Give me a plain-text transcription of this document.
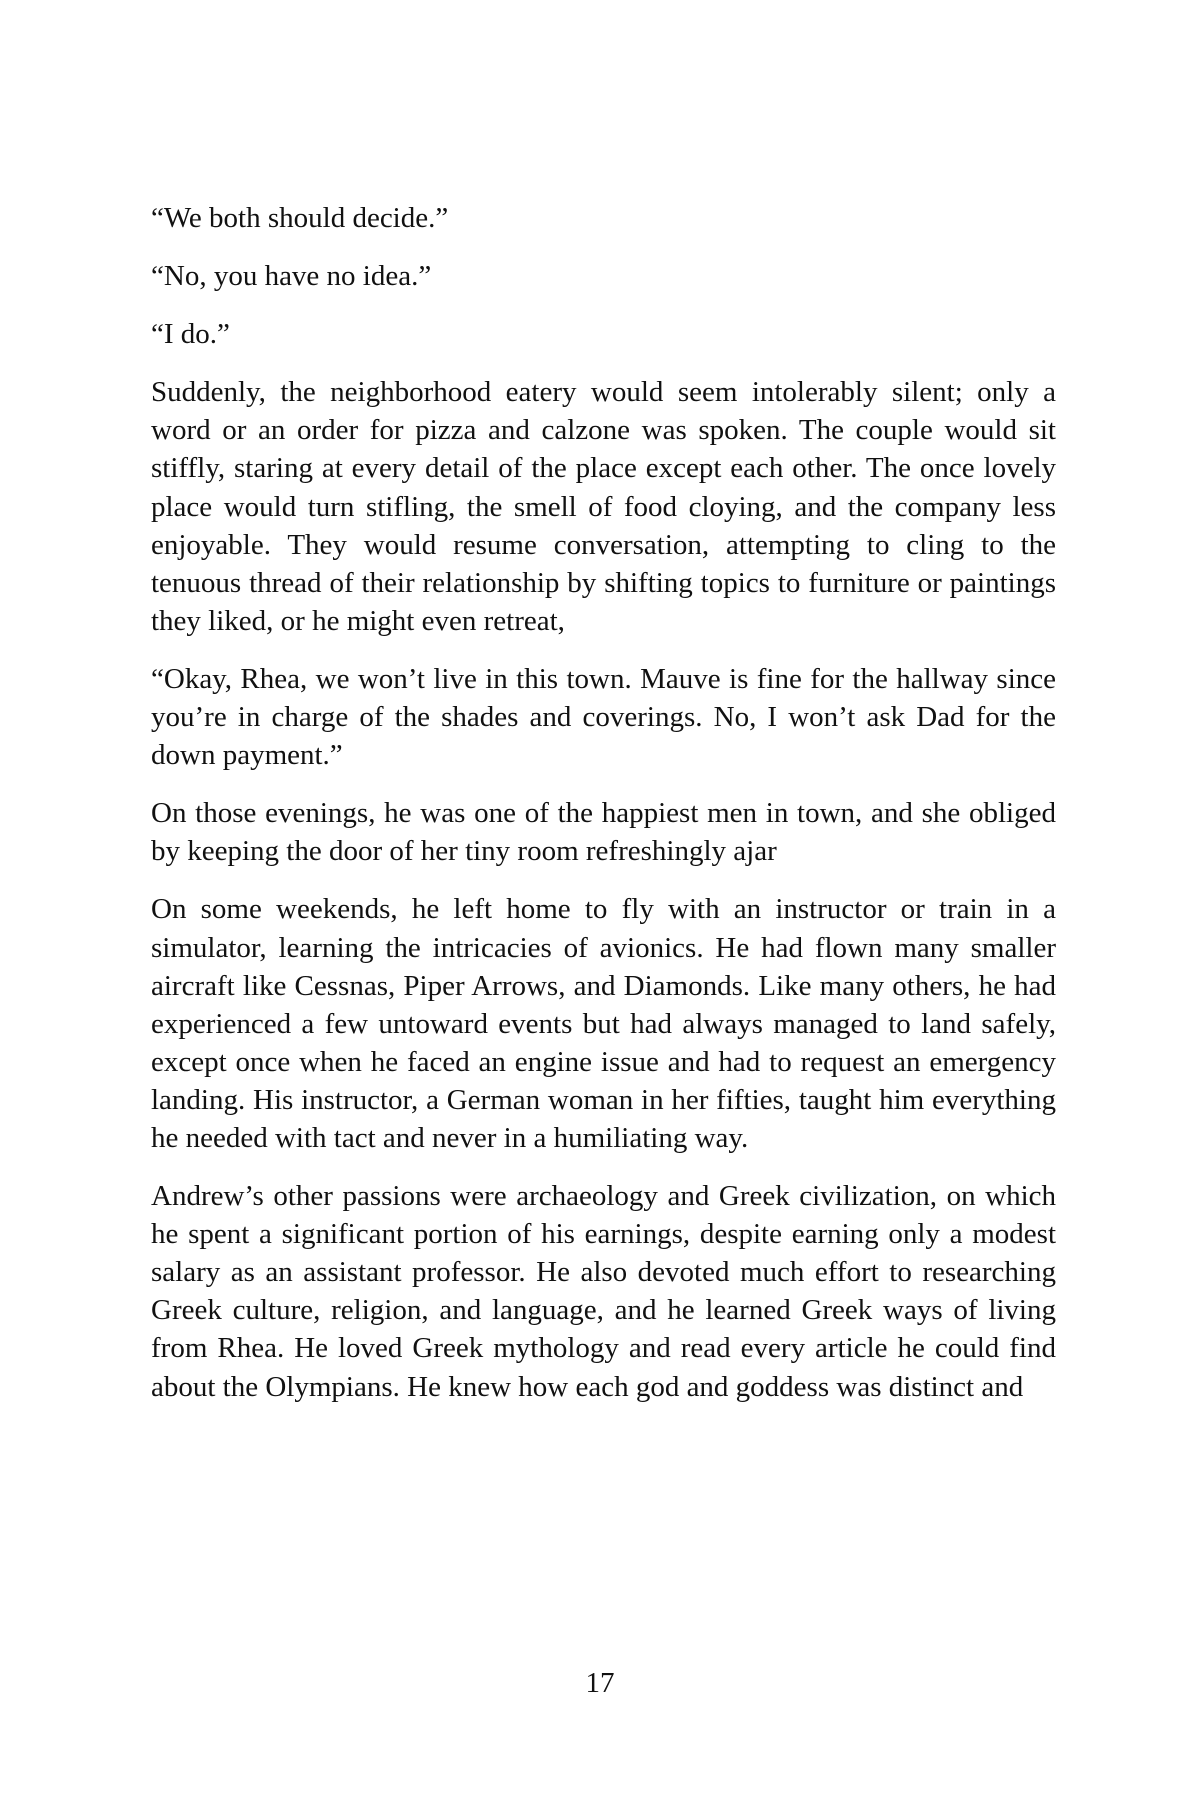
“We both should decide.”

“No, you have no idea.”

“I do.”

Suddenly, the neighborhood eatery would seem intolerably silent; only a word or an order for pizza and calzone was spoken. The couple would sit stiffly, staring at every detail of the place except each other. The once lovely place would turn stifling, the smell of food cloying, and the company less enjoyable. They would resume conversation, attempting to cling to the tenuous thread of their relationship by shifting topics to furniture or paintings they liked, or he might even retreat,

“Okay, Rhea, we won’t live in this town. Mauve is fine for the hallway since you’re in charge of the shades and coverings. No, I won’t ask Dad for the down payment.”

On those evenings, he was one of the happiest men in town, and she obliged by keeping the door of her tiny room refreshingly ajar

On some weekends, he left home to fly with an instructor or train in a simulator, learning the intricacies of avionics. He had flown many smaller aircraft like Cessnas, Piper Arrows, and Diamonds. Like many others, he had experienced a few untoward events but had always managed to land safely, except once when he faced an engine issue and had to request an emergency landing. His instructor, a German woman in her fifties, taught him everything he needed with tact and never in a humiliating way.

Andrew’s other passions were archaeology and Greek civilization, on which he spent a significant portion of his earnings, despite earning only a modest salary as an assistant professor. He also devoted much effort to researching Greek culture, religion, and language, and he learned Greek ways of living from Rhea. He loved Greek mythology and read every article he could find about the Olympians. He knew how each god and goddess was distinct and

17
